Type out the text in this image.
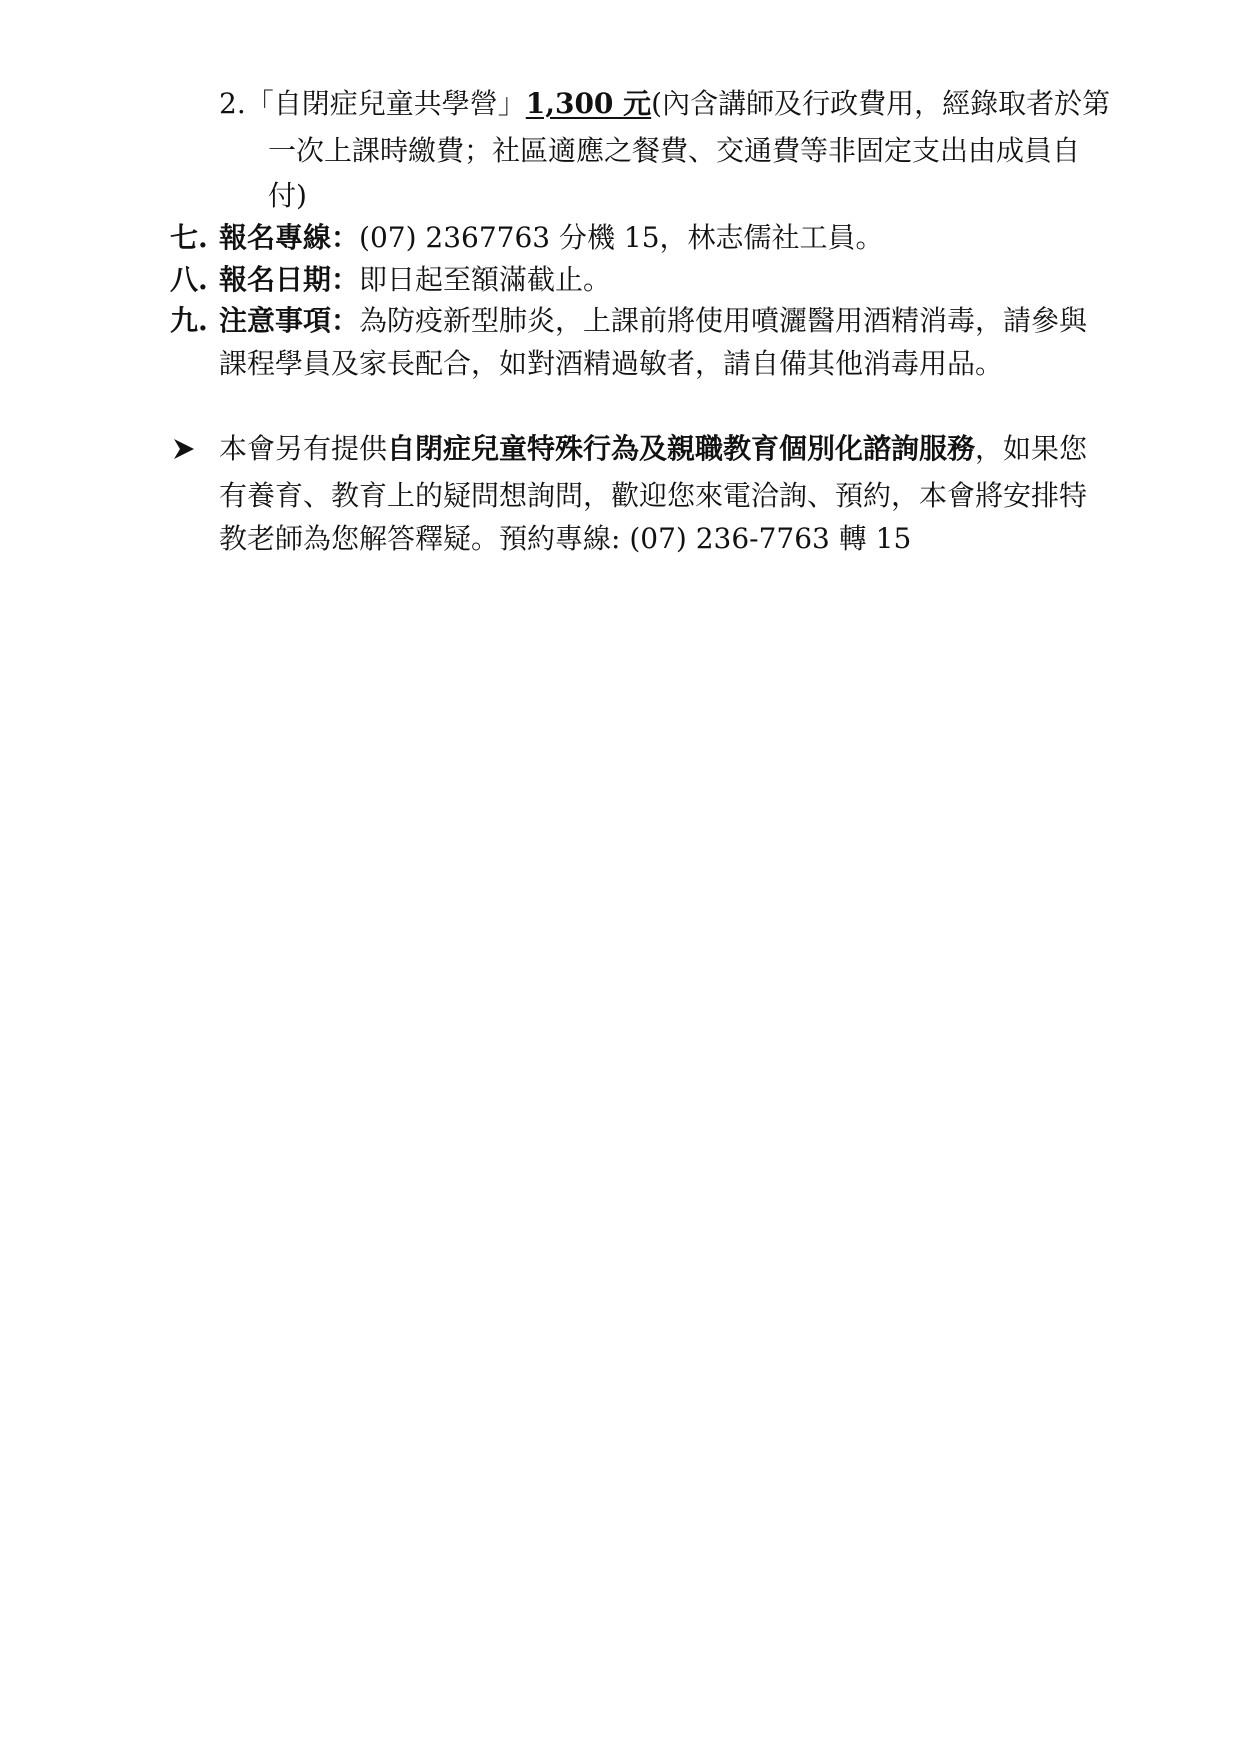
2.「自閉症兒童共學營」1,300 元(內含講師及行政費用，經錄取者於第
一次上課時繳費；社區適應之餐費、交通費等非固定支出由成員自
付)
七. 報名專線：(07) 2367763 分機 15，林志儒社工員。
八. 報名日期：即日起至額滿截止。
九. 注意事項：為防疫新型肺炎，上課前將使用噴灑醫用酒精消毒，請參與
課程學員及家長配合，如對酒精過敏者，請自備其他消毒用品。
本會另有提供自閉症兒童特殊行為及親職教育個別化諮詢服務，如果您
有養育、教育上的疑問想詢問，歡迎您來電洽詢、預約，本會將安排特
教老師為您解答釋疑。預約專線: (07) 236-7763 轉 15
